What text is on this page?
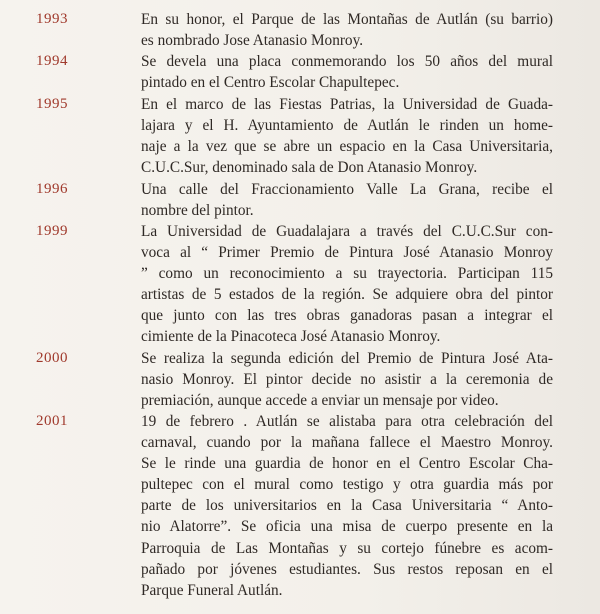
1993	En su honor, el Parque de las Montañas de Autlán (su barrio)
es nombrado Jose Atanasio Monroy.
1994	Se devela una placa conmemorando los 50 años del mural
pintado en el Centro Escolar Chapultepec.
1995	En el marco de las Fiestas Patrias, la Universidad de Guada-
lajara y el H. Ayuntamiento de Autlán le rinden un home-
naje a la vez que se abre un espacio en la Casa Universitaria,
C.U.C.Sur, denominado sala de Don Atanasio Monroy.
1996	Una calle del Fraccionamiento Valle La Grana, recibe el
nombre del pintor.
1999	La Universidad de Guadalajara a través del C.U.C.Sur con-
voca al “ Primer Premio de Pintura José Atanasio Monroy
” como un reconocimiento a su trayectoria. Participan 115
artistas de 5 estados de la región. Se adquiere obra del pintor
que junto con las tres obras ganadoras pasan a integrar el
cimiente de la Pinacoteca José Atanasio Monroy.
2000	Se realiza la segunda edición del Premio de Pintura José Ata-
nasio Monroy. El pintor decide no asistir a la ceremonia de
premiación, aunque accede a enviar un mensaje por video.
2001	19 de febrero . Autlán se alistaba para otra celebración del
carnaval, cuando por la mañana fallece el Maestro Monroy.
Se le rinde una guardia de honor en el Centro Escolar Cha-
pultepec con el mural como testigo y otra guardia más por
parte de los universitarios en la Casa Universitaria “ Anto-
nio Alatorre”. Se oficia una misa de cuerpo presente en la
Parroquia de Las Montañas y su cortejo fúnebre es acom-
pañado por jóvenes estudiantes. Sus restos reposan en el
Parque Funeral Autlán.
